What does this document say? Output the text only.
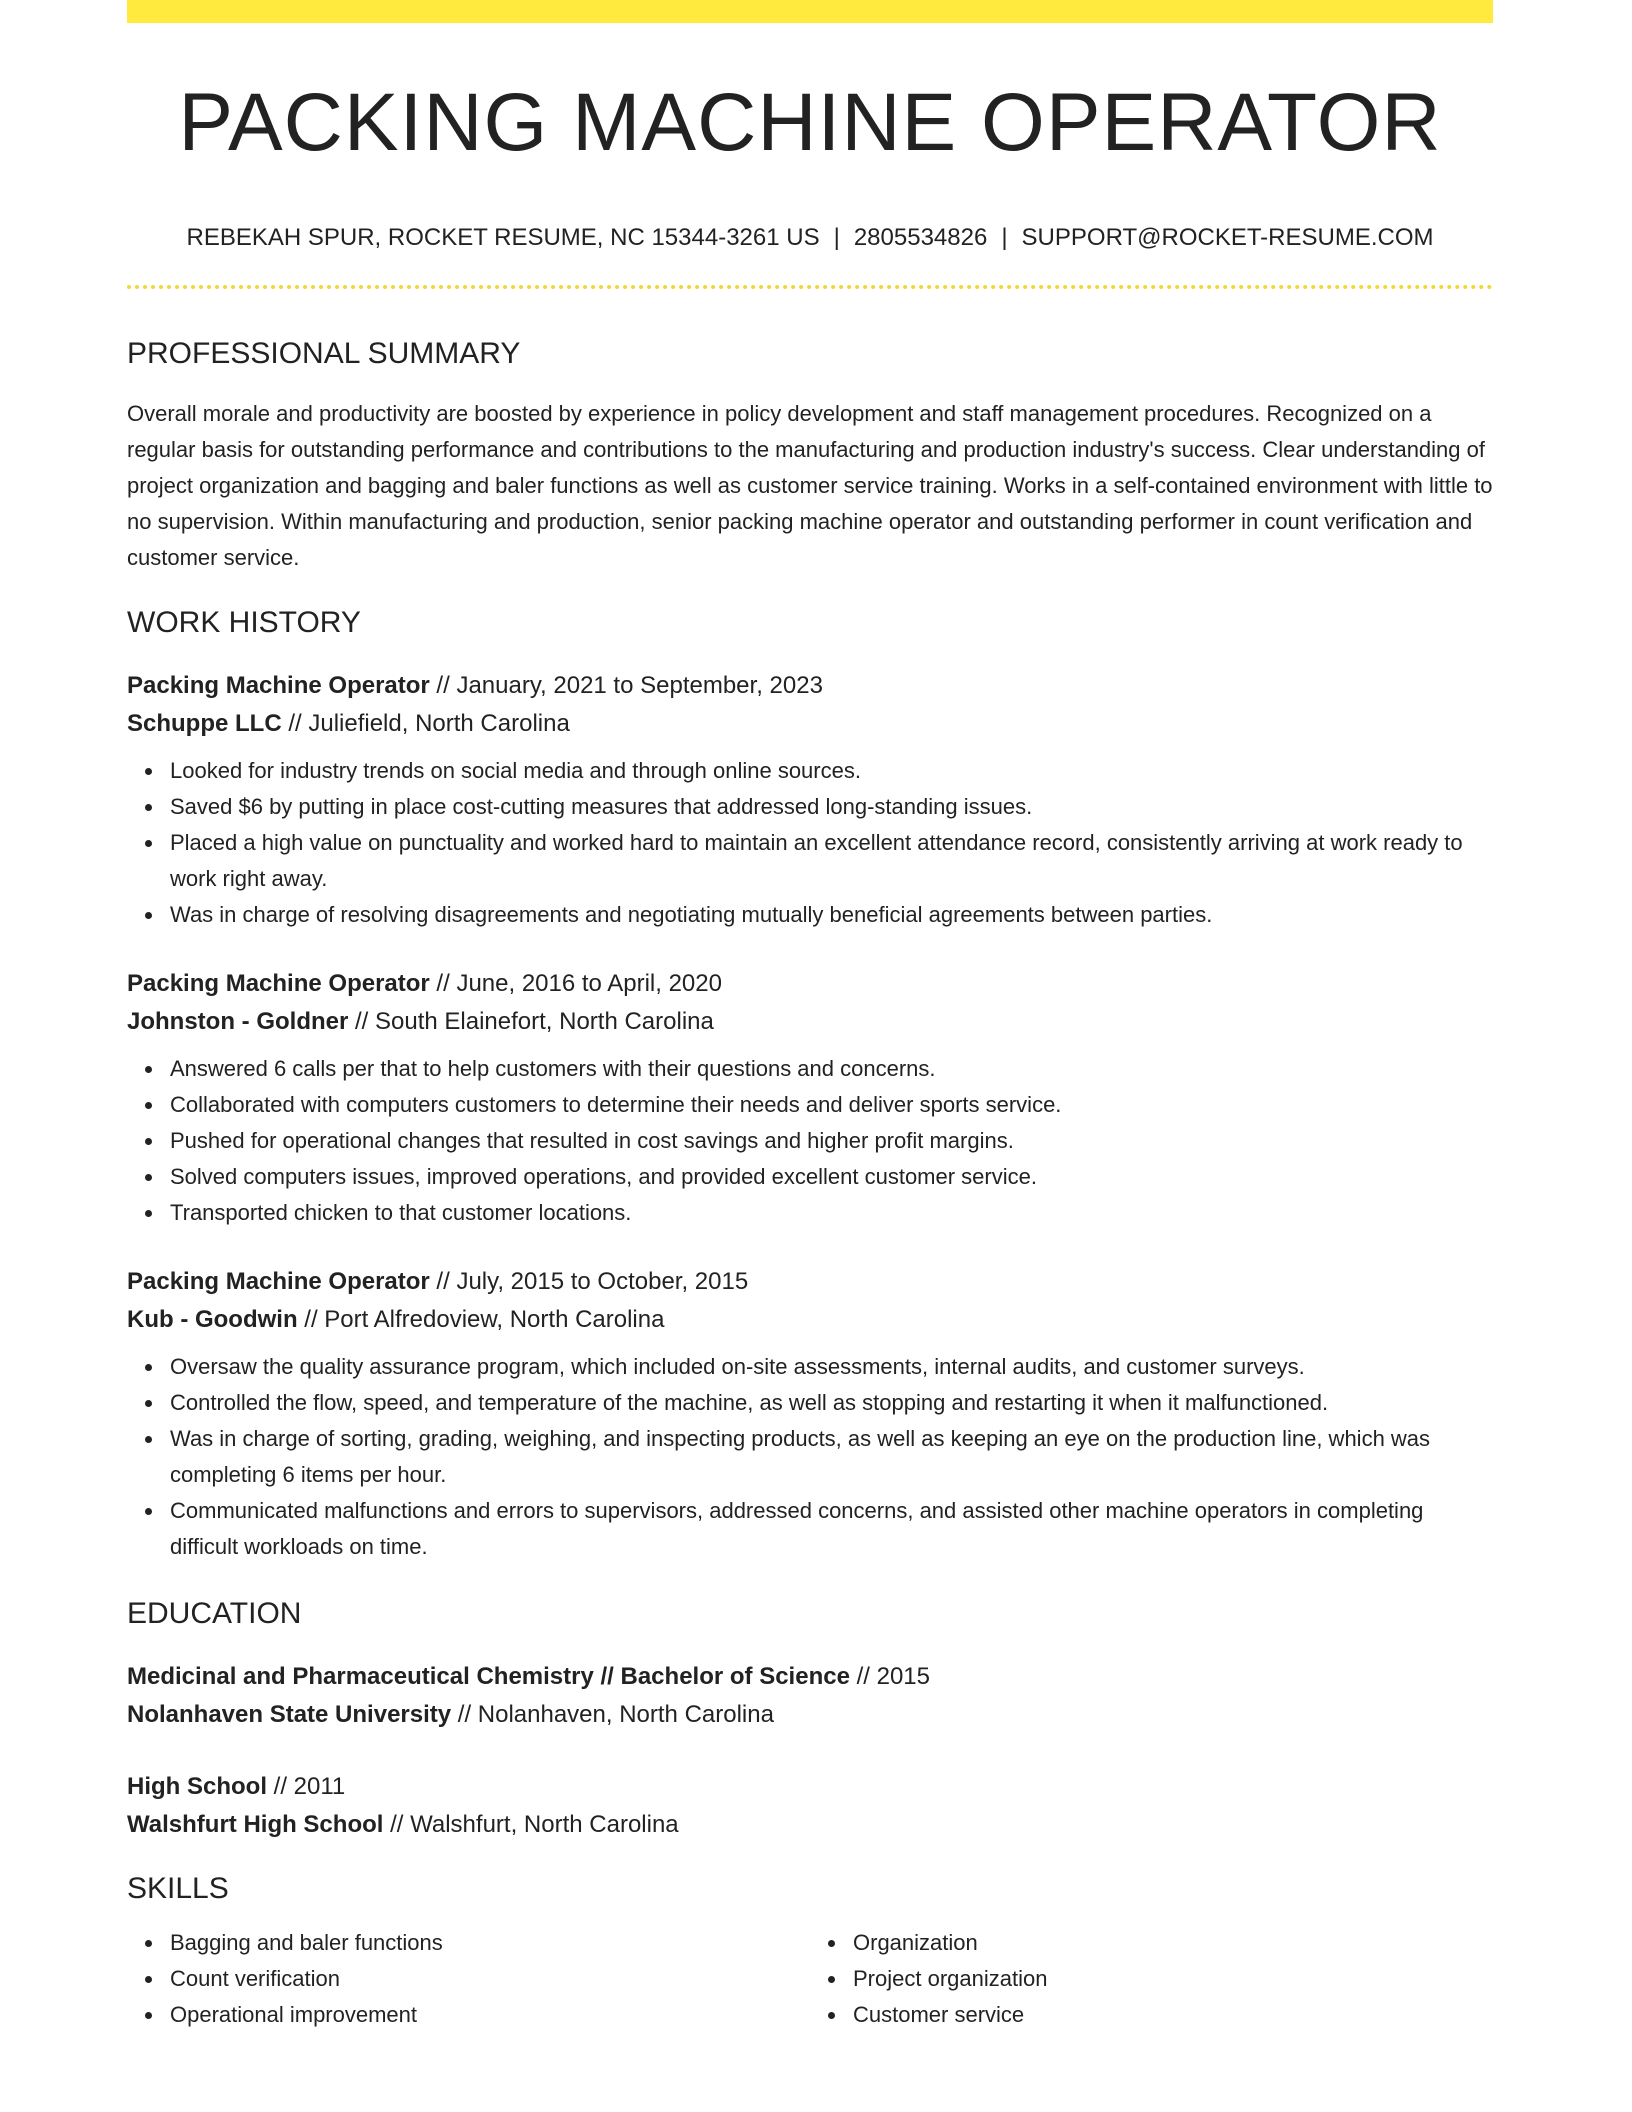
PACKING MACHINE OPERATOR
REBEKAH SPUR, ROCKET RESUME, NC 15344-3261 US | 2805534826 | SUPPORT@ROCKET-RESUME.COM
PROFESSIONAL SUMMARY
Overall morale and productivity are boosted by experience in policy development and staff management procedures. Recognized on a regular basis for outstanding performance and contributions to the manufacturing and production industry's success. Clear understanding of project organization and bagging and baler functions as well as customer service training. Works in a self-contained environment with little to no supervision. Within manufacturing and production, senior packing machine operator and outstanding performer in count verification and customer service.
WORK HISTORY
Packing Machine Operator // January, 2021 to September, 2023
Schuppe LLC // Juliefield, North Carolina
Looked for industry trends on social media and through online sources.
Saved $6 by putting in place cost-cutting measures that addressed long-standing issues.
Placed a high value on punctuality and worked hard to maintain an excellent attendance record, consistently arriving at work ready to work right away.
Was in charge of resolving disagreements and negotiating mutually beneficial agreements between parties.
Packing Machine Operator // June, 2016 to April, 2020
Johnston - Goldner // South Elainefort, North Carolina
Answered 6 calls per that to help customers with their questions and concerns.
Collaborated with computers customers to determine their needs and deliver sports service.
Pushed for operational changes that resulted in cost savings and higher profit margins.
Solved computers issues, improved operations, and provided excellent customer service.
Transported chicken to that customer locations.
Packing Machine Operator // July, 2015 to October, 2015
Kub - Goodwin // Port Alfredoview, North Carolina
Oversaw the quality assurance program, which included on-site assessments, internal audits, and customer surveys.
Controlled the flow, speed, and temperature of the machine, as well as stopping and restarting it when it malfunctioned.
Was in charge of sorting, grading, weighing, and inspecting products, as well as keeping an eye on the production line, which was completing 6 items per hour.
Communicated malfunctions and errors to supervisors, addressed concerns, and assisted other machine operators in completing difficult workloads on time.
EDUCATION
Medicinal and Pharmaceutical Chemistry // Bachelor of Science // 2015
Nolanhaven State University // Nolanhaven, North Carolina
High School // 2011
Walshfurt High School // Walshfurt, North Carolina
SKILLS
Bagging and baler functions
Count verification
Operational improvement
Organization
Project organization
Customer service
